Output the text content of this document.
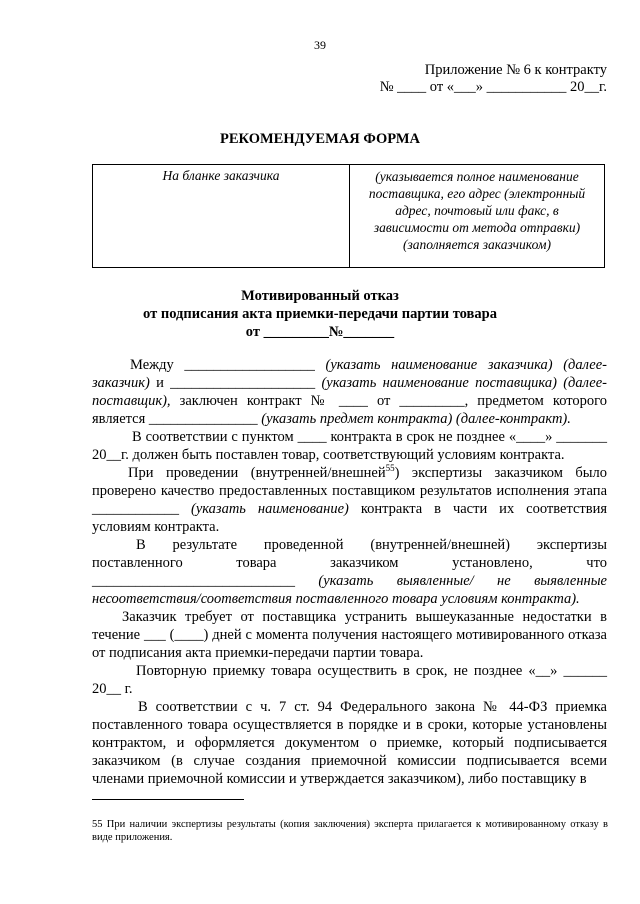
39
Приложение № 6 к контракту
№ ____ от «___» ___________ 20__г.
РЕКОМЕНДУЕМАЯ ФОРМА
На бланке заказчика	(указывается полное наименование поставщика, его адрес (электронный адрес, почтовый или факс, в зависимости от метода отправки) (заполняется заказчиком)
Мотивированный отказ
от подписания акта приемки-передачи партии товара
от _________№_______

Между __________________ (указать наименование заказчика) (далее-заказчик) и ____________________ (указать наименование поставщика) (далее-поставщик), заключен контракт № ____ от _________, предметом которого является _______________ (указать предмет контракта) (далее-контракт).

В соответствии с пунктом ____ контракта в срок не позднее «____» _______ 20__г. должен быть поставлен товар, соответствующий условиям контракта.

При проведении (внутренней/внешней$^{55}$) экспертизы заказчиком было проверено качество предоставленных поставщиком результатов исполнения этапа ____________ (указать наименование) контракта в части их соответствия условиям контракта.

В результате проведенной (внутренней/внешней) экспертизы поставленного товара заказчиком установлено, что ____________________________ (указать выявленные/ не выявленные несоответствия/соответствия поставленного товара условиям контракта).

Заказчик требует от поставщика устранить вышеуказанные недостатки в течение ___ (____) дней с момента получения настоящего мотивированного отказа от подписания акта приемки-передачи партии товара.

Повторную приемку товара осуществить в срок, не позднее «__» ______ 20__ г.

В соответствии с ч. 7 ст. 94 Федерального закона № 44-ФЗ приемка поставленного товара осуществляется в порядке и в сроки, которые установлены контрактом, и оформляется документом о приемке, который подписывается заказчиком (в случае создания приемочной комиссии подписывается всеми членами приемочной комиссии и утверждается заказчиком), либо поставщику в

55 При наличии экспертизы результаты (копия заключения) эксперта прилагается к мотивированному отказу в виде приложения.
